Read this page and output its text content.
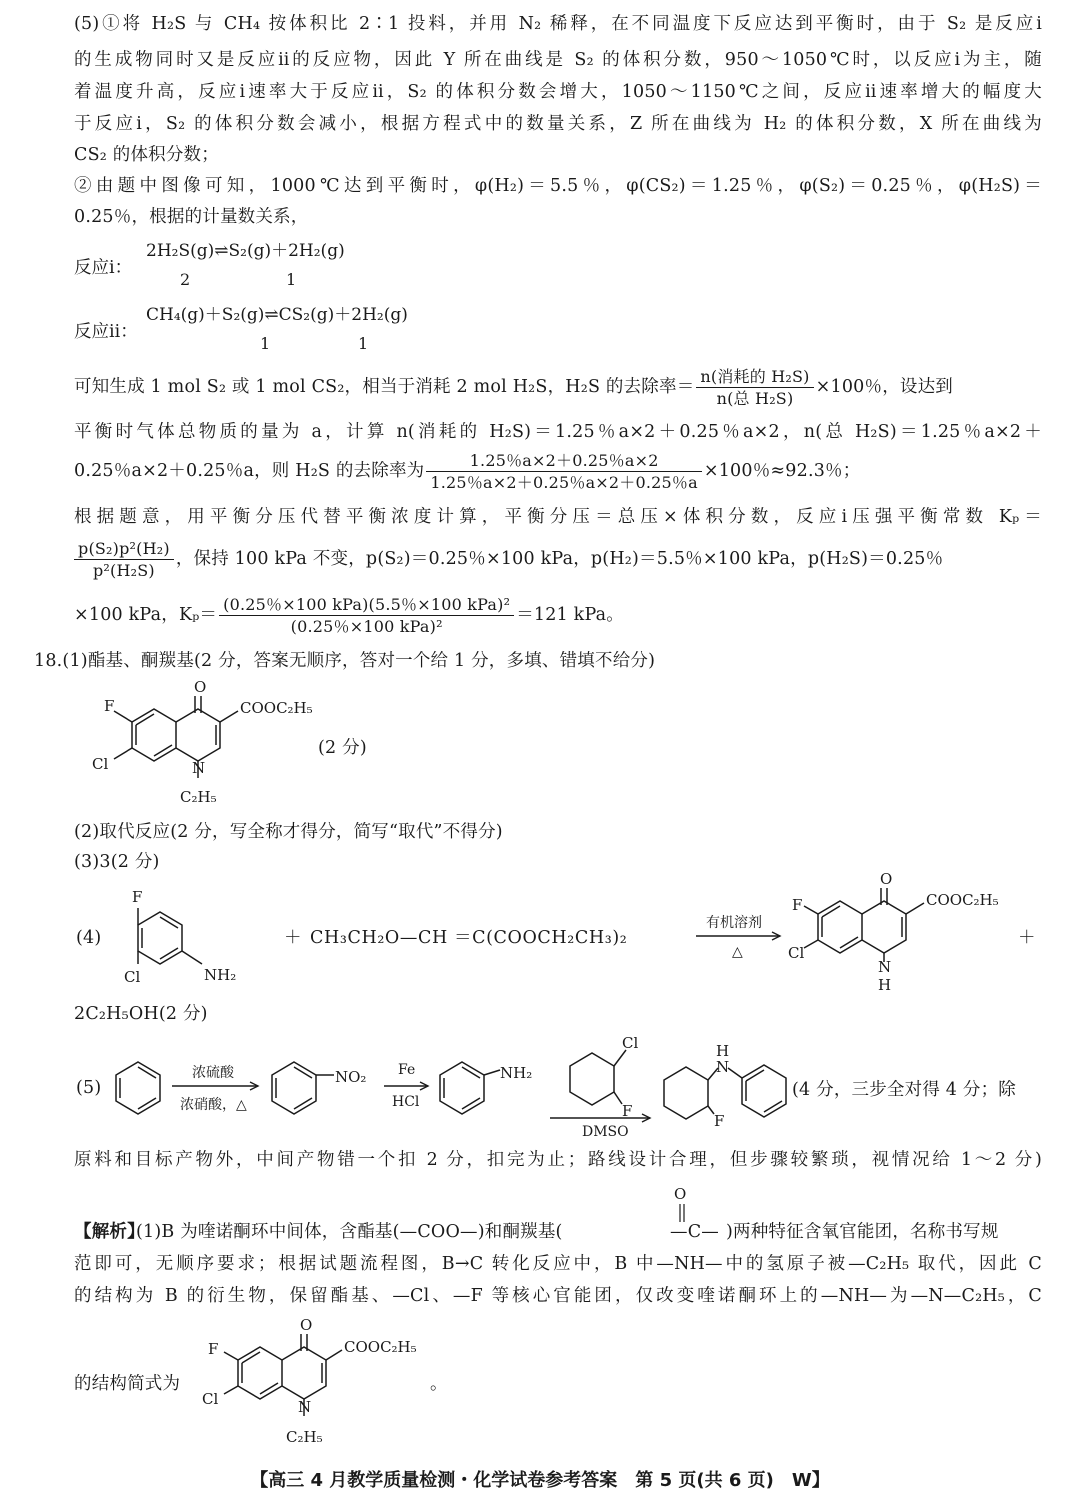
(5)①将 H₂S 与 CH₄ 按体积比 2∶1 投料，并用 N₂ 稀释，在不同温度下反应达到平衡时，由于 S₂ 是反应ⅰ
的生成物同时又是反应ⅱ的反应物，因此 Y 所在曲线是 S₂ 的体积分数，950～1050℃时，以反应ⅰ为主，随
着温度升高，反应ⅰ速率大于反应ⅱ，S₂ 的体积分数会增大，1050～1150℃之间，反应ⅱ速率增大的幅度大
于反应ⅰ，S₂ 的体积分数会减小，根据方程式中的数量关系，Z 所在曲线为 H₂ 的体积分数，X 所在曲线为
CS₂ 的体积分数；
②由题中图像可知，1000℃达到平衡时，φ(H₂)＝5.5％，φ(CS₂)＝1.25％，φ(S₂)＝0.25％，φ(H₂S)＝
0.25％，根据的计量数关系，
2H₂S(g)⇌S₂(g)＋2H₂(g)
反应ⅰ：
2	1
CH₄(g)＋S₂(g)⇌CS₂(g)＋2H₂(g)
反应ⅱ：
1	1
可知生成 1 mol S₂ 或 1 mol CS₂，相当于消耗 2 mol H₂S，H₂S 的去除率＝ $\frac{\text{n(消耗的 H₂S)}}{\text{n(总 H₂S)}} \times 100$％，设达到
平衡时气体总物质的量为 a，计算 n(消耗的 H₂S)＝1.25％a×2＋0.25％a×2，n(总 H₂S)＝1.25％a×2＋
0.25％a×2＋0.25％a，则 H₂S 的去除率为 $\frac{1.25\%a\times 2+0.25\%a\times 2}{1.25\%a\times 2+0.25\%a\times 2+0.25\%a} \times 100$％≈92.3％；
根据题意，用平衡分压代替平衡浓度计算，平衡分压＝总压×体积分数，反应ⅰ压强平衡常数 Kₚ＝
$\frac{\text{p(S₂)p²(H₂)}}{\text{p²(H₂S)}}$ ，保持 100 kPa 不变，p(S₂)＝0.25％×100 kPa，p(H₂)＝5.5％×100 kPa，p(H₂S)＝0.25％
×100 kPa，$K_p= \frac{\text{(0.25％×100 kPa)(5.5％×100 kPa)²}}{\text{(0.25％×100 kPa)²}} =121$ kPa。
18.(1)酯基、酮羰基(2 分，答案无顺序，答对一个给 1 分，多填、错填不给分)
O
F
Cl	N
COOC₂H₅
C₂H₅
(2 分)
(2)取代反应(2 分，写全称才得分，简写“取代”不得分)
(3)3(2 分)
(4)
F
Cl	NH₂
＋ CH₃CH₂O—CH ＝C(COOCH₂CH₃)₂
有机溶剂
△
O
F
Cl
N
H
COOC₂H₅
＋
2C₂H₅OH(2 分)
(5)
浓硫酸
浓硝酸，△
NO₂ Fe
HCl
NH₂
Cl
F
DMSO
H
N
F
(4 分，三步全对得 4 分；除
原料和目标产物外，中间产物错一个扣 2 分，扣完为止；路线设计合理，但步骤较繁琐，视情况给 1～2 分)
【解析】
(1)B 为喹诺酮环中间体，含酯基(—COO—)和酮羰基(	—C—
O
)两种特征含氧官能团，名称书写规
范即可，无顺序要求；根据试题流程图，B→C 转化反应中，B 中—NH—中的氢原子被—C₂H₅ 取代，因此 C
的结构为 B 的衍生物，保留酯基、—Cl、—F 等核心官能团，仅改变喹诺酮环上的—NH—为—N—C₂H₅，C
的结构简式为
O
F
Cl	N
COOC₂H₅
C₂H₅
。
【高三 4 月教学质量检测・化学试卷参考答案　第 5 页(共 6 页)　W】
